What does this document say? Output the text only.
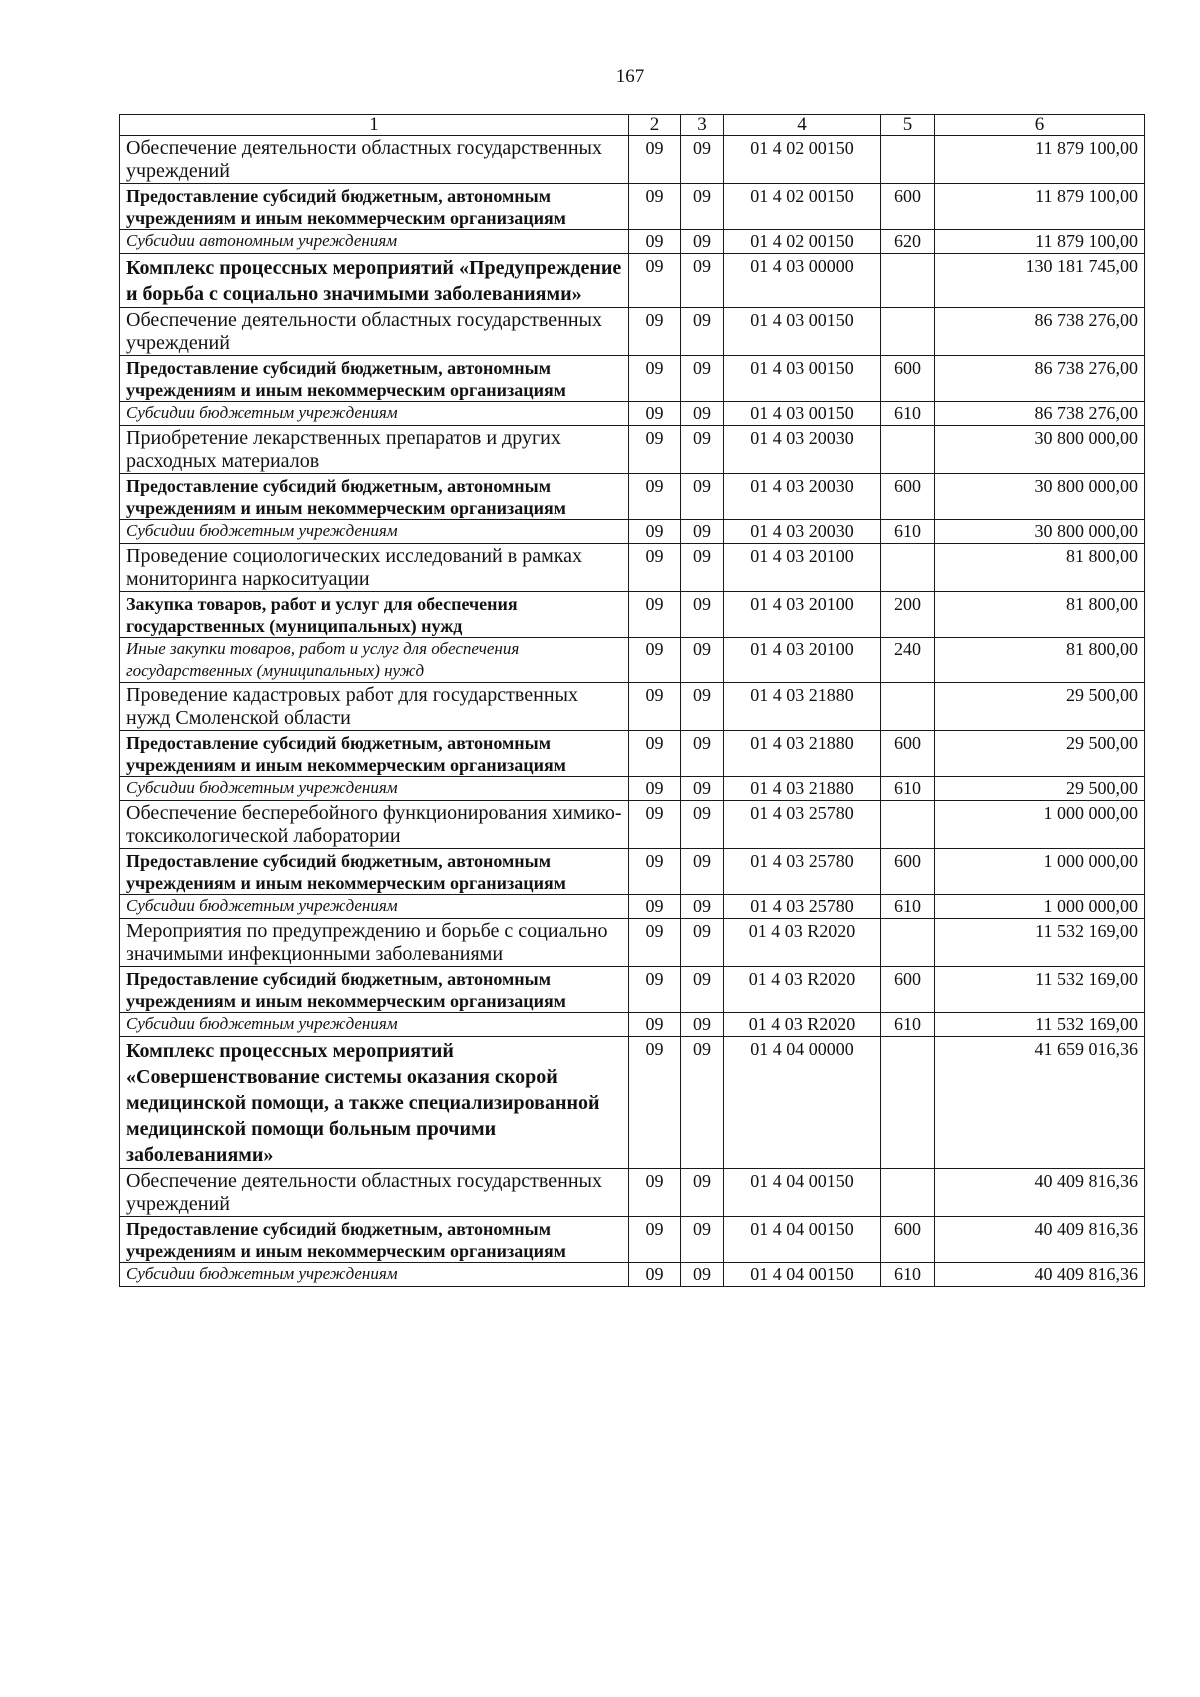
167
1	2	3	4	5	6
Обеспечение деятельности областных государственных учреждений	09	09	01 4 02 00150		11 879 100,00
Предоставление субсидий бюджетным, автономным учреждениям и иным некоммерческим организациям	09	09	01 4 02 00150	600	11 879 100,00
Субсидии автономным учреждениям	09	09	01 4 02 00150	620	11 879 100,00
Комплекс процессных мероприятий «Предупреждение и борьба с социально значимыми заболеваниями»	09	09	01 4 03 00000		130 181 745,00
Обеспечение деятельности областных государственных учреждений	09	09	01 4 03 00150		86 738 276,00
Предоставление субсидий бюджетным, автономным учреждениям и иным некоммерческим организациям	09	09	01 4 03 00150	600	86 738 276,00
Субсидии бюджетным учреждениям	09	09	01 4 03 00150	610	86 738 276,00
Приобретение лекарственных препаратов и других расходных материалов	09	09	01 4 03 20030		30 800 000,00
Предоставление субсидий бюджетным, автономным учреждениям и иным некоммерческим организациям	09	09	01 4 03 20030	600	30 800 000,00
Субсидии бюджетным учреждениям	09	09	01 4 03 20030	610	30 800 000,00
Проведение социологических исследований в рамках мониторинга наркоситуации	09	09	01 4 03 20100		81 800,00
Закупка товаров, работ и услуг для обеспечения государственных (муниципальных) нужд	09	09	01 4 03 20100	200	81 800,00
Иные закупки товаров, работ и услуг для обеспечения государственных (муниципальных) нужд	09	09	01 4 03 20100	240	81 800,00
Проведение кадастровых работ для государственных нужд Смоленской области	09	09	01 4 03 21880		29 500,00
Предоставление субсидий бюджетным, автономным учреждениям и иным некоммерческим организациям	09	09	01 4 03 21880	600	29 500,00
Субсидии бюджетным учреждениям	09	09	01 4 03 21880	610	29 500,00
Обеспечение бесперебойного функционирования химико-токсикологической лаборатории	09	09	01 4 03 25780		1 000 000,00
Предоставление субсидий бюджетным, автономным учреждениям и иным некоммерческим организациям	09	09	01 4 03 25780	600	1 000 000,00
Субсидии бюджетным учреждениям	09	09	01 4 03 25780	610	1 000 000,00
Мероприятия по предупреждению и борьбе с социально значимыми инфекционными заболеваниями	09	09	01 4 03 R2020		11 532 169,00
Предоставление субсидий бюджетным, автономным учреждениям и иным некоммерческим организациям	09	09	01 4 03 R2020	600	11 532 169,00
Субсидии бюджетным учреждениям	09	09	01 4 03 R2020	610	11 532 169,00
Комплекс процессных мероприятий «Совершенствование системы оказания скорой медицинской помощи, а также специализированной медицинской помощи больным прочими заболеваниями»	09	09	01 4 04 00000		41 659 016,36
Обеспечение деятельности областных государственных учреждений	09	09	01 4 04 00150		40 409 816,36
Предоставление субсидий бюджетным, автономным учреждениям и иным некоммерческим организациям	09	09	01 4 04 00150	600	40 409 816,36
Субсидии бюджетным учреждениям	09	09	01 4 04 00150	610	40 409 816,36
